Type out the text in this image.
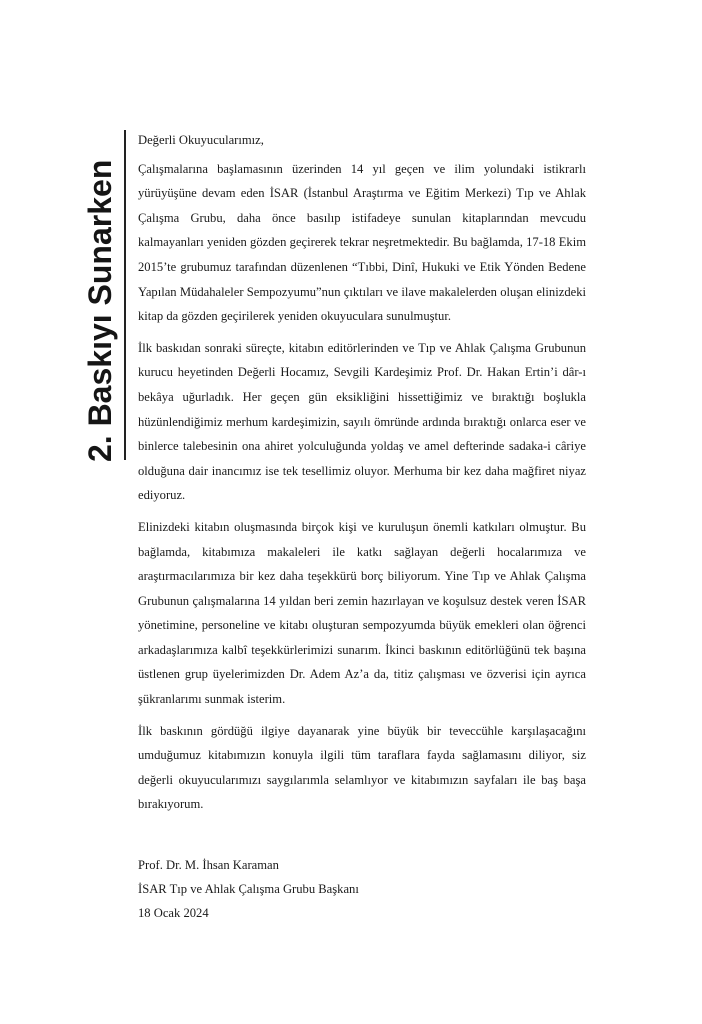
2. Baskıyı Sunarken

Değerli Okuyucularımız,

Çalışmalarına başlamasının üzerinden 14 yıl geçen ve ilim yolundaki istikrarlı yürüyüşüne devam eden İSAR (İstanbul Araştırma ve Eğitim Merkezi) Tıp ve Ahlak Çalışma Grubu, daha önce basılıp istifadeye sunulan kitaplarından mevcudu kalmayanları yeniden gözden geçirerek tekrar neşretmektedir. Bu bağlamda, 17-18 Ekim 2015’te grubumuz tarafından düzenlenen “Tıbbi, Dinî, Hukuki ve Etik Yönden Bedene Yapılan Müdahaleler Sempozyumu”nun çıktıları ve ilave makalelerden oluşan elinizdeki kitap da gözden geçirilerek yeniden okuyuculara sunulmuştur.

İlk baskıdan sonraki süreçte, kitabın editörlerinden ve Tıp ve Ahlak Çalışma Grubunun kurucu heyetinden Değerli Hocamız, Sevgili Kardeşimiz Prof. Dr. Hakan Ertin’i dâr-ı bekâya uğurladık. Her geçen gün eksikliğini hissettiğimiz ve bıraktığı boşlukla hüzünlendiğimiz merhum kardeşimizin, sayılı ömründe ardında bıraktığı onlarca eser ve binlerce talebesinin ona ahiret yolculuğunda yoldaş ve amel defterinde sadaka-i câriye olduğuna dair inancımız ise tek tesellimiz oluyor. Merhuma bir kez daha mağfiret niyaz ediyoruz.

Elinizdeki kitabın oluşmasında birçok kişi ve kuruluşun önemli katkıları olmuştur. Bu bağlamda, kitabımıza makaleleri ile katkı sağlayan değerli hocalarımıza ve araştırmacılarımıza bir kez daha teşekkürü borç biliyorum. Yine Tıp ve Ahlak Çalışma Grubunun çalışmalarına 14 yıldan beri zemin hazırlayan ve koşulsuz destek veren İSAR yönetimine, personeline ve kitabı oluşturan sempozyumda büyük emekleri olan öğrenci arkadaşlarımıza kalbî teşekkürlerimizi sunarım. İkinci baskının editörlüğünü tek başına üstlenen grup üyelerimizden Dr. Adem Az’a da, titiz çalışması ve özverisi için ayrıca şükranlarımı sunmak isterim.

İlk baskının gördüğü ilgiye dayanarak yine büyük bir teveccühle karşılaşacağını umduğumuz kitabımızın konuyla ilgili tüm taraflara fayda sağlamasını diliyor, siz değerli okuyucularımızı saygılarımla selamlıyor ve kitabımızın sayfaları ile baş başa bırakıyorum.

Prof. Dr. M. İhsan Karaman
İSAR Tıp ve Ahlak Çalışma Grubu Başkanı
18 Ocak 2024
